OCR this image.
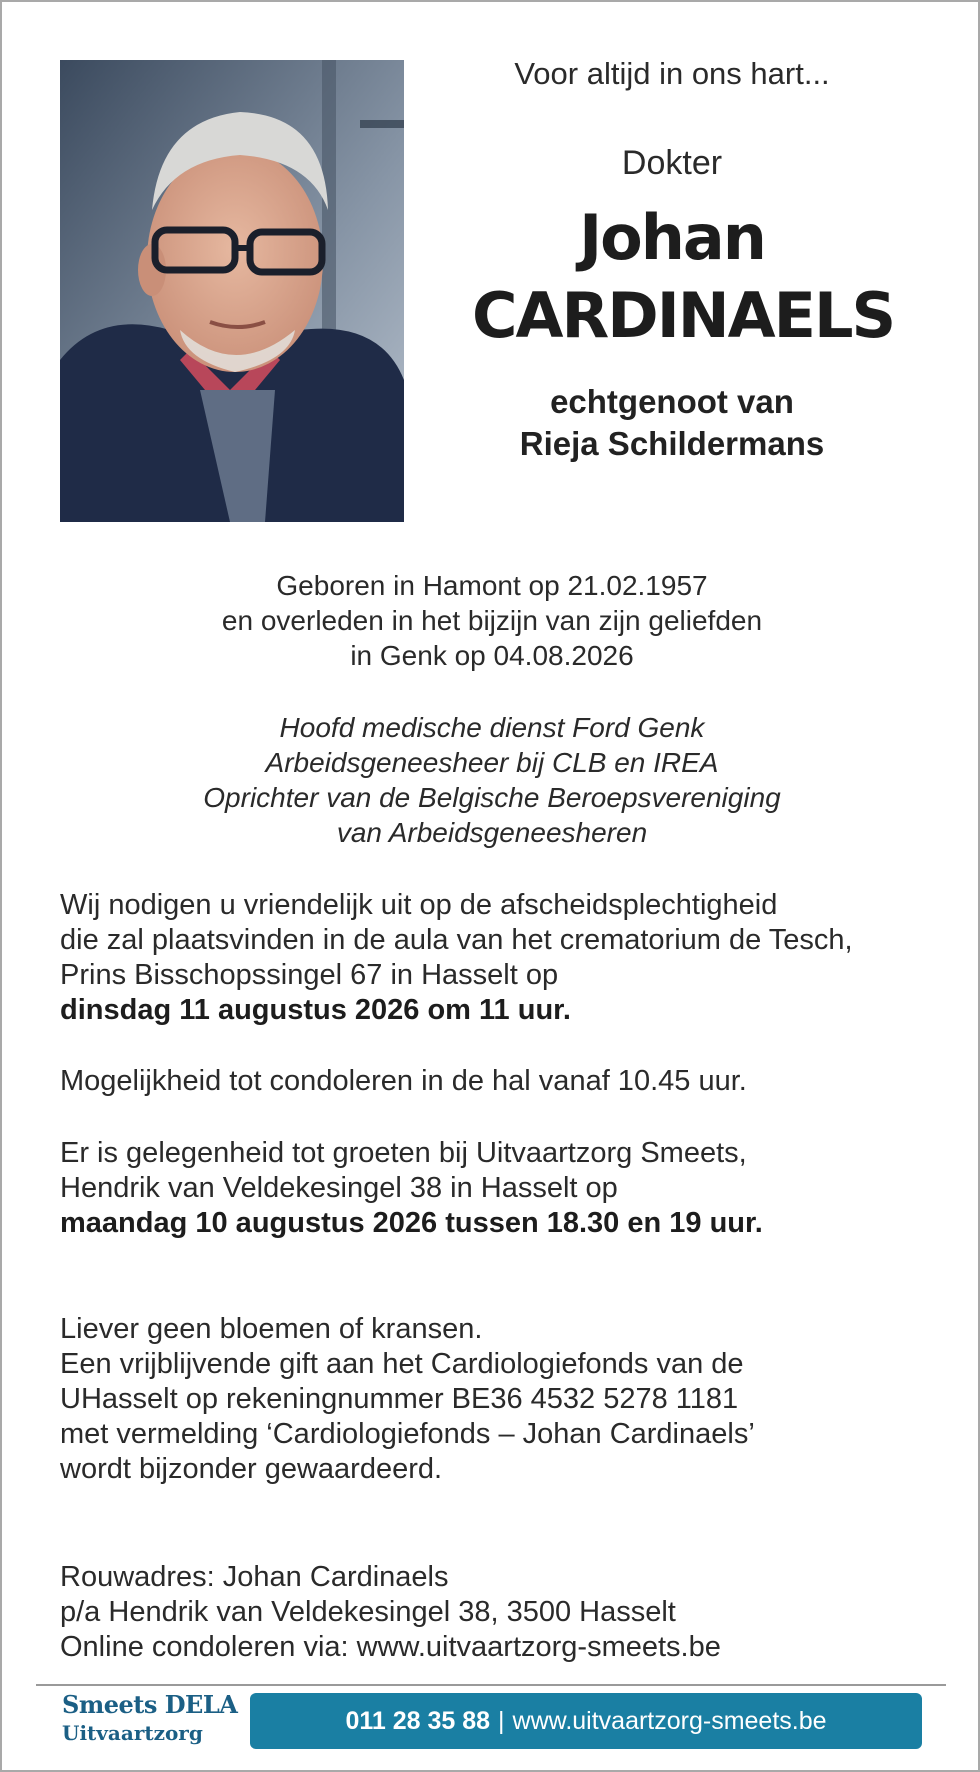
Voor altijd in ons hart...
Dokter
Johan
CARDINAELS
echtgenoot van
Rieja Schildermans
Geboren in Hamont op 21.02.1957
en overleden in het bijzijn van zijn geliefden
in Genk op 04.08.2026
Hoofd medische dienst Ford Genk
Arbeidsgeneesheer bij CLB en IREA
Oprichter van de Belgische Beroepsvereniging
van Arbeidsgeneesheren
Wij nodigen u vriendelijk uit op de afscheidsplechtigheid
die zal plaatsvinden in de aula van het crematorium de Tesch,
Prins Bisschopssingel 67 in Hasselt op
dinsdag 11 augustus 2026 om 11 uur.
Mogelijkheid tot condoleren in de hal vanaf 10.45 uur.
Er is gelegenheid tot groeten bij Uitvaartzorg Smeets,
Hendrik van Veldekesingel 38 in Hasselt op
maandag 10 augustus 2026 tussen 18.30 en 19 uur.
Liever geen bloemen of kransen.
Een vrijblijvende gift aan het Cardiologiefonds van de
UHasselt op rekeningnummer BE36 4532 5278 1181
met vermelding ‘Cardiologiefonds – Johan Cardinaels’
wordt bijzonder gewaardeerd.
Rouwadres: Johan Cardinaels
p/a Hendrik van Veldekesingel 38, 3500 Hasselt
Online condoleren via: www.uitvaartzorg-smeets.be
Smeets DELA
Uitvaartzorg	011 28 35 88 | www.uitvaartzorg-smeets.be
